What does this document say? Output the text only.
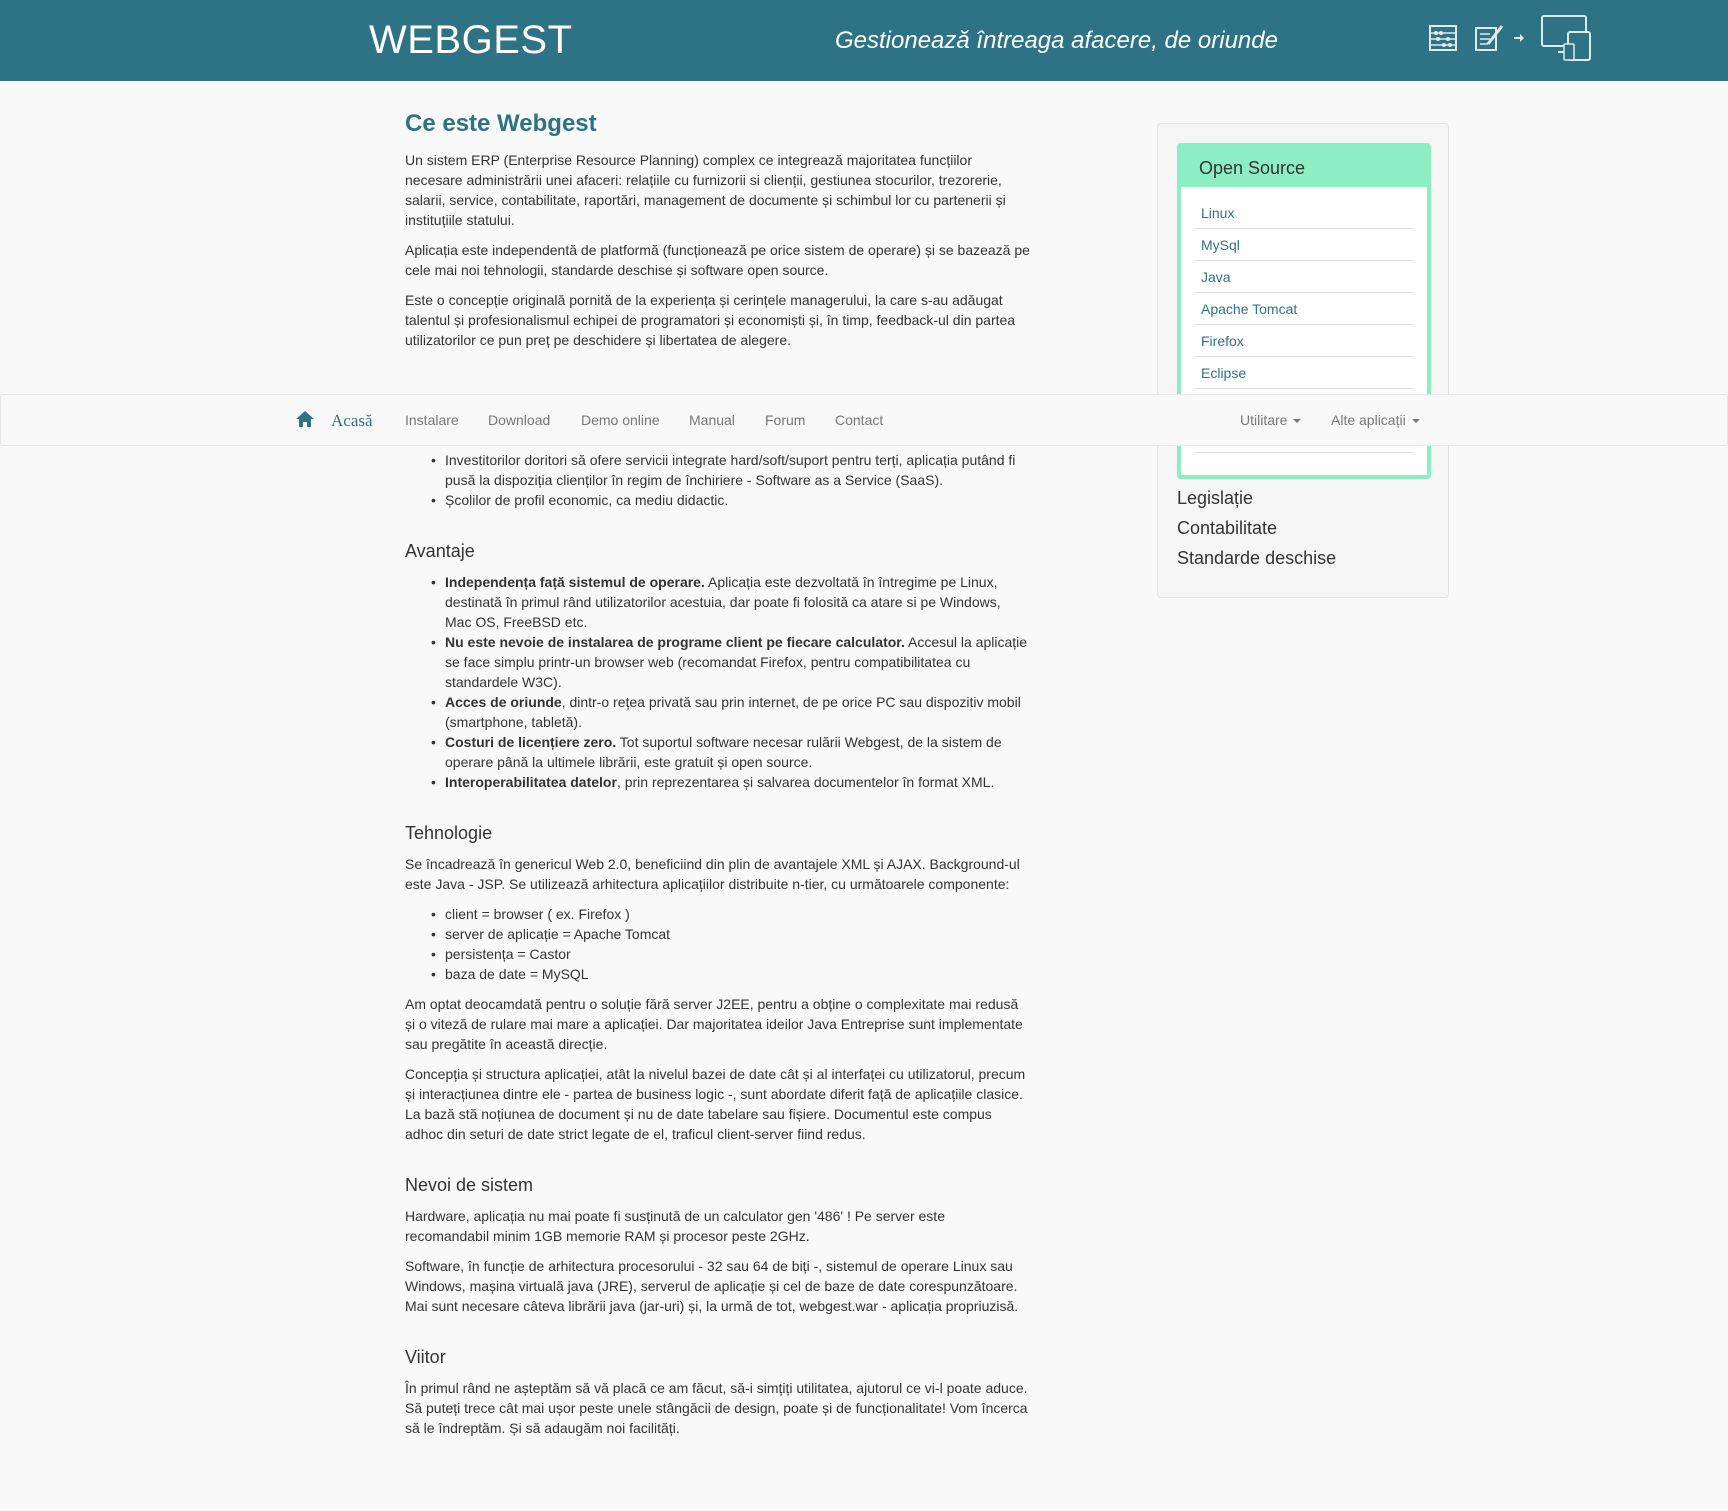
WEBGEST	Gestionează întreaga afacere, de oriunde
Ce este Webgest

Un sistem ERP (Enterprise Resource Planning) complex ce integrează majoritatea funcțiilor necesare administrării unei afaceri: relațiile cu furnizorii si clienții, gestiunea stocurilor, trezorerie, salarii, service, contabilitate, raportări, management de documente și schimbul lor cu partenerii și instituțiile statului.

Aplicația este independentă de platformă (funcționează pe orice sistem de operare) și se bazează pe cele mai noi tehnologii, standarde deschise și software open source.

Este o concepție originală pornită de la experiența și cerințele managerului, la care s-au adăugat talentul și profesionalismul echipei de programatori și economiști și, în timp, feedback-ul din partea utilizatorilor ce pun preț pe deschidere și libertatea de alegere.

•
• Investitorilor doritori să ofere servicii integrate hard/soft/suport pentru terți, aplicația putând fi pusă la dispoziția clienților în regim de închiriere - Software as a Service (SaaS).
• Școlilor de profil economic, ca mediu didactic.
Avantaje
• Independența față sistemul de operare. Aplicația este dezvoltată în întregime pe Linux, destinată în primul rând utilizatorilor acestuia, dar poate fi folosită ca atare si pe Windows, Mac OS, FreeBSD etc.
• Nu este nevoie de instalarea de programe client pe fiecare calculator. Accesul la aplicație se face simplu printr-un browser web (recomandat Firefox, pentru compatibilitatea cu standardele W3C).
• Acces de oriunde, dintr-o rețea privată sau prin internet, de pe orice PC sau dispozitiv mobil (smartphone, tabletă).
• Costuri de licențiere zero. Tot suportul software necesar rulării Webgest, de la sistem de operare până la ultimele librării, este gratuit și open source.
• Interoperabilitatea datelor, prin reprezentarea și salvarea documentelor în format XML.
Tehnologie

Se încadrează în genericul Web 2.0, beneficiind din plin de avantajele XML și AJAX. Background-ul este Java - JSP. Se utilizează arhitectura aplicațiilor distribuite n-tier, cu următoarele componente:

• client = browser ( ex. Firefox )
• server de aplicație = Apache Tomcat
• persistența = Castor
• baza de date = MySQL

Am optat deocamdată pentru o soluție fără server J2EE, pentru a obține o complexitate mai redusă și o viteză de rulare mai mare a aplicației. Dar majoritatea ideilor Java Entreprise sunt implementate sau pregătite în această direcție.

Concepția și structura aplicației, atât la nivelul bazei de date cât și al interfaței cu utilizatorul, precum și interacțiunea dintre ele - partea de business logic -, sunt abordate diferit față de aplicațiile clasice. La bază stă noțiunea de document și nu de date tabelare sau fișiere. Documentul este compus adhoc din seturi de date strict legate de el, traficul client-server fiind redus.

Nevoi de sistem

Hardware, aplicația nu mai poate fi susținută de un calculator gen '486' ! Pe server este recomandabil minim 1GB memorie RAM și procesor peste 2GHz.

Software, în funcție de arhitectura procesorului - 32 sau 64 de biți -, sistemul de operare Linux sau Windows, mașina virtuală java (JRE), serverul de aplicație și cel de baze de date corespunzătoare. Mai sunt necesare câteva librării java (jar-uri) și, la urmă de tot, webgest.war - aplicația propriuzisă.

Viitor

În primul rând ne așteptăm să vă placă ce am făcut, să-i simțiți utilitatea, ajutorul ce vi-l poate aduce. Să puteți trece cât mai ușor peste unele stângăcii de design, poate și de funcționalitate! Vom încerca să le îndreptăm. Și să adaugăm noi facilități.

Open Source
Linux
MySql
Java
Apache Tomcat
Firefox
Eclipse
Legislație
Contabilitate
Standarde deschise
Acasă Instalare Download Demo online Manual Forum Contact	Utilitare	Alte aplicații
